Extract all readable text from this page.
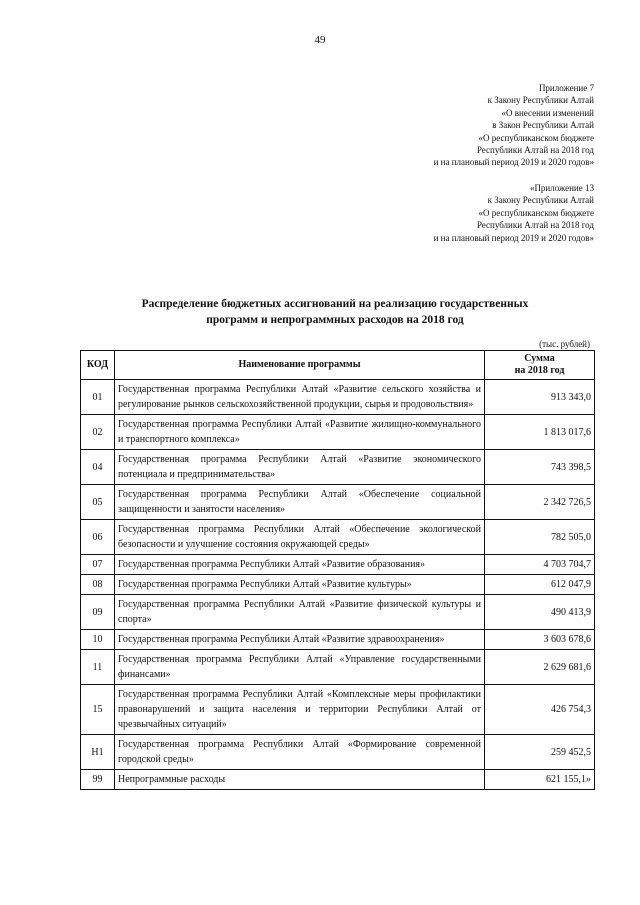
49
Приложение 7
к Закону Республики Алтай
«О внесении изменений
в Закон Республики Алтай
«О республиканском бюджете
Республики Алтай на 2018 год
и на плановый период 2019 и 2020 годов»
«Приложение 13
к Закону Республики Алтай
«О республиканском бюджете
Республики Алтай на 2018 год
и на плановый период 2019 и 2020 годов»
Распределение бюджетных ассигнований на реализацию государственных
программ и непрограммных расходов на 2018 год
(тыс. рублей)
КОД	Наименование программы	Сумма
на 2018 год

01	Государственная программа Республики Алтай «Развитие сельского хозяйства и регулирование рынков сельскохозяйственной продукции, сырья и продовольствия»	913 343,0
02	Государственная программа Республики Алтай «Развитие жилищно-коммунального и транспортного комплекса»	1 813 017,6
04	Государственная программа Республики Алтай «Развитие экономического потенциала и предпринимательства»	743 398,5
05	Государственная программа Республики Алтай «Обеспечение социальной защищенности и занятости населения»	2 342 726,5
06	Государственная программа Республики Алтай «Обеспечение экологической безопасности и улучшение состояния окружающей среды»	782 505,0
07	Государственная программа Республики Алтай «Развитие образования»	4 703 704,7
08	Государственная программа Республики Алтай «Развитие культуры»	612 047,9
09	Государственная программа Республики Алтай «Развитие физической культуры и спорта»	490 413,9
10	Государственная программа Республики Алтай «Развитие здравоохранения»	3 603 678,6
11	Государственная программа Республики Алтай «Управление государственными финансами»	2 629 681,6
15	Государственная программа Республики Алтай «Комплексные меры профилактики правонарушений и защита населения и территории Республики Алтай от чрезвычайных ситуаций»	426 754,3
Н1	Государственная программа Республики Алтай «Формирование современной городской среды»	259 452,5
99	Непрограммные расходы	621 155,1»
